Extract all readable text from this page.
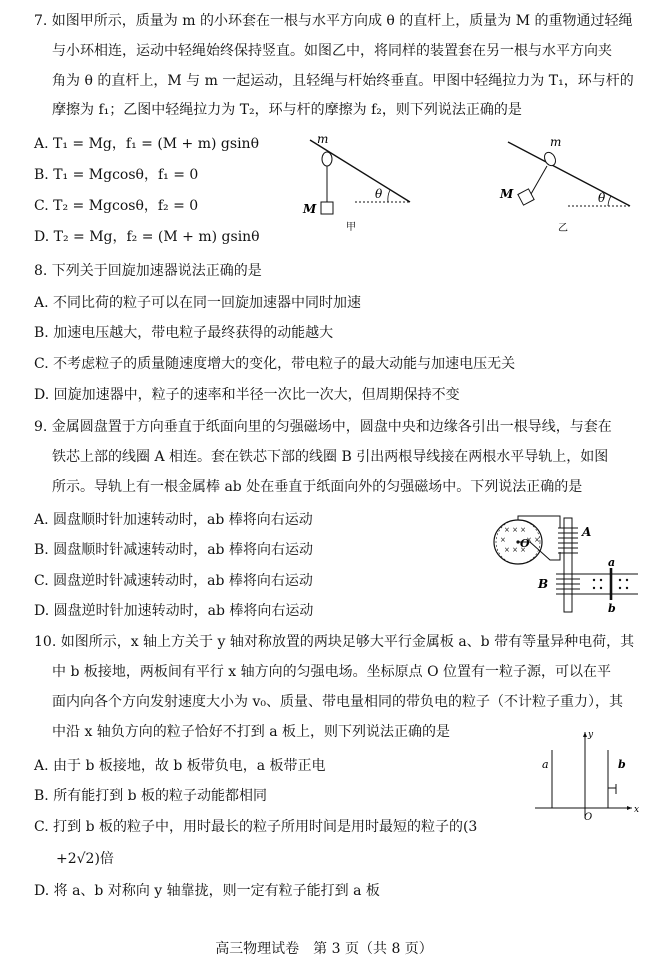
7. 如图甲所示，质量为 m 的小环套在一根与水平方向成 θ 的直杆上，质量为 M 的重物通过轻绳
与小环相连，运动中轻绳始终保持竖直。如图乙中，将同样的装置套在另一根与水平方向夹
角为 θ 的直杆上，M 与 m 一起运动，且轻绳与杆始终垂直。甲图中轻绳拉力为 T₁，环与杆的
摩擦为 f₁；乙图中轻绳拉力为 T₂，环与杆的摩擦为 f₂，则下列说法正确的是
A. T₁ = Mg，f₁ = (M + m) gsinθ
B. T₁ = Mgcosθ，f₁ = 0
C. T₂ = Mgcosθ，f₂ = 0
D. T₂ = Mg，f₂ = (M + m) gsinθ
m
M
θ
甲
m
M	θ
乙
8. 下列关于回旋加速器说法正确的是
A. 不同比荷的粒子可以在同一回旋加速器中同时加速
B. 加速电压越大，带电粒子最终获得的动能越大
C. 不考虑粒子的质量随速度增大的变化，带电粒子的最大动能与加速电压无关
D. 回旋加速器中，粒子的速率和半径一次比一次大，但周期保持不变
9. 金属圆盘置于方向垂直于纸面向里的匀强磁场中，圆盘中央和边缘各引出一根导线，与套在
铁芯上部的线圈 A 相连。套在铁芯下部的线圈 B 引出两根导线接在两根水平导轨上，如图
所示。导轨上有一根金属棒 ab 处在垂直于纸面向外的匀强磁场中。下列说法正确的是
A. 圆盘顺时针加速转动时，ab 棒将向右运动
B. 圆盘顺时针减速转动时，ab 棒将向右运动
C. 圆盘逆时针减速转动时，ab 棒将向右运动
D. 圆盘逆时针加速转动时，ab 棒将向右运动
× × ×
×	× ×
× × ×
O
A
B
a
b
10. 如图所示，x 轴上方关于 y 轴对称放置的两块足够大平行金属板 a、b 带有等量异种电荷，其
中 b 板接地，两板间有平行 x 轴方向的匀强电场。坐标原点 O 位置有一粒子源，可以在平
面内向各个方向发射速度大小为 v₀、质量、带电量相同的带负电的粒子（不计粒子重力），其
中沿 x 轴负方向的粒子恰好不打到 a 板上，则下列说法正确的是
A. 由于 b 板接地，故 b 板带负电，a 板带正电
B. 所有能打到 b 板的粒子动能都相同
C. 打到 b 板的粒子中，用时最长的粒子所用时间是用时最短的粒子的(3
+2√2)倍
D. 将 a、b 对称向 y 轴靠拢，则一定有粒子能打到 a 板
x
y
O
a	b
高三物理试卷　第 3 页（共 8 页）
